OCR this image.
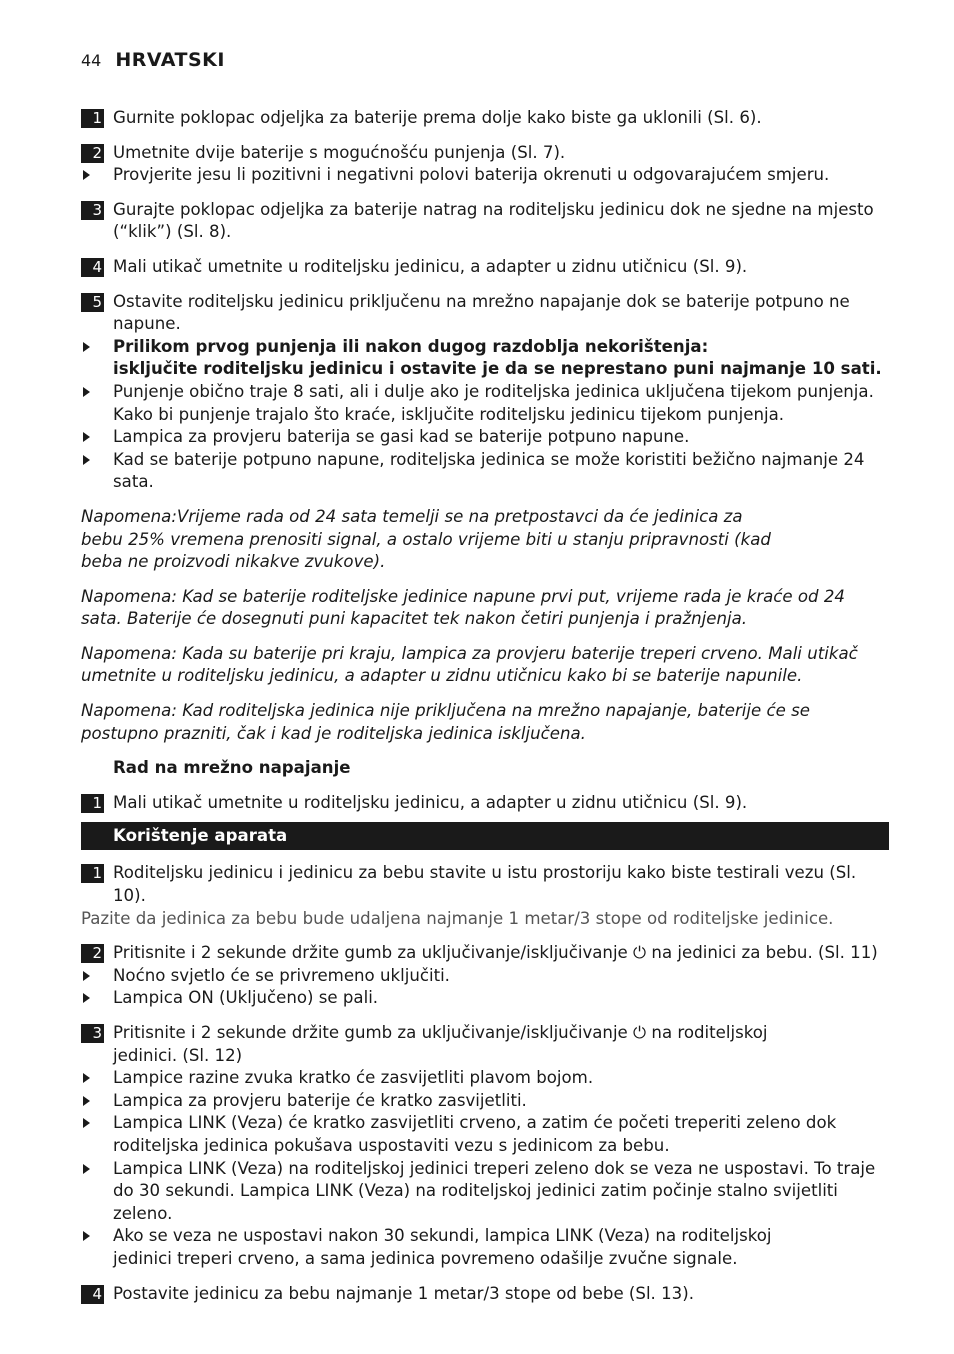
44 HRVATSKI
1 Gurnite poklopac odjeljka za baterije prema dolje kako biste ga uklonili (Sl. 6).
2 Umetnite dvije baterije s mogućnošću punjenja (Sl. 7).
Provjerite jesu li pozitivni i negativni polovi baterija okrenuti u odgovarajućem smjeru.
3 Gurajte poklopac odjeljka za baterije natrag na roditeljsku jedinicu dok ne sjedne na mjesto (“klik”) (Sl. 8).
4 Mali utikač umetnite u roditeljsku jedinicu, a adapter u zidnu utičnicu (Sl. 9).
5 Ostavite roditeljsku jedinicu priključenu na mrežno napajanje dok se baterije potpuno ne napune.
Prilikom prvog punjenja ili nakon dugog razdoblja nekorištenja:
isključite roditeljsku jedinicu i ostavite je da se neprestano puni najmanje 10 sati.
Punjenje obično traje 8 sati, ali i dulje ako je roditeljska jedinica uključena tijekom punjenja. Kako bi punjenje trajalo što kraće, isključite roditeljsku jedinicu tijekom punjenja.
Lampica za provjeru baterija se gasi kad se baterije potpuno napune.
Kad se baterije potpuno napune, roditeljska jedinica se može koristiti bežično najmanje 24 sata.
Napomena:Vrijeme rada od 24 sata temelji se na pretpostavci da će jedinica za bebu 25% vremena prenositi signal, a ostalo vrijeme biti u stanju pripravnosti (kad beba ne proizvodi nikakve zvukove).
Napomena: Kad se baterije roditeljske jedinice napune prvi put, vrijeme rada je kraće od 24 sata. Baterije će dosegnuti puni kapacitet tek nakon četiri punjenja i pražnjenja.
Napomena: Kada su baterije pri kraju, lampica za provjeru baterije treperi crveno. Mali utikač umetnite u roditeljsku jedinicu, a adapter u zidnu utičnicu kako bi se baterije napunile.
Napomena: Kad roditeljska jedinica nije priključena na mrežno napajanje, baterije će se postupno prazniti, čak i kad je roditeljska jedinica isključena.
Rad na mrežno napajanje
1 Mali utikač umetnite u roditeljsku jedinicu, a adapter u zidnu utičnicu (Sl. 9).
Korištenje aparata
1 Roditeljsku jedinicu i jedinicu za bebu stavite u istu prostoriju kako biste testirali vezu (Sl. 10).
Pazite da jedinica za bebu bude udaljena najmanje 1 metar/3 stope od roditeljske jedinice.
2 Pritisnite i 2 sekunde držite gumb za uključivanje/isključivanje ⏻ na jedinici za bebu. (Sl. 11)
Noćno svjetlo će se privremeno uključiti.
Lampica ON (Uključeno) se pali.
3 Pritisnite i 2 sekunde držite gumb za uključivanje/isključivanje ⏻ na roditeljskoj jedinici. (Sl. 12)
Lampice razine zvuka kratko će zasvijetliti plavom bojom.
Lampica za provjeru baterije će kratko zasvijetliti.
Lampica LINK (Veza) će kratko zasvijetliti crveno, a zatim će početi treperiti zeleno dok roditeljska jedinica pokušava uspostaviti vezu s jedinicom za bebu.
Lampica LINK (Veza) na roditeljskoj jedinici treperi zeleno dok se veza ne uspostavi. To traje do 30 sekundi. Lampica LINK (Veza) na roditeljskoj jedinici zatim počinje stalno svijetliti zeleno.
Ako se veza ne uspostavi nakon 30 sekundi, lampica LINK (Veza) na roditeljskoj jedinici treperi crveno, a sama jedinica povremeno odašilje zvučne signale.
4 Postavite jedinicu za bebu najmanje 1 metar/3 stope od bebe (Sl. 13).
